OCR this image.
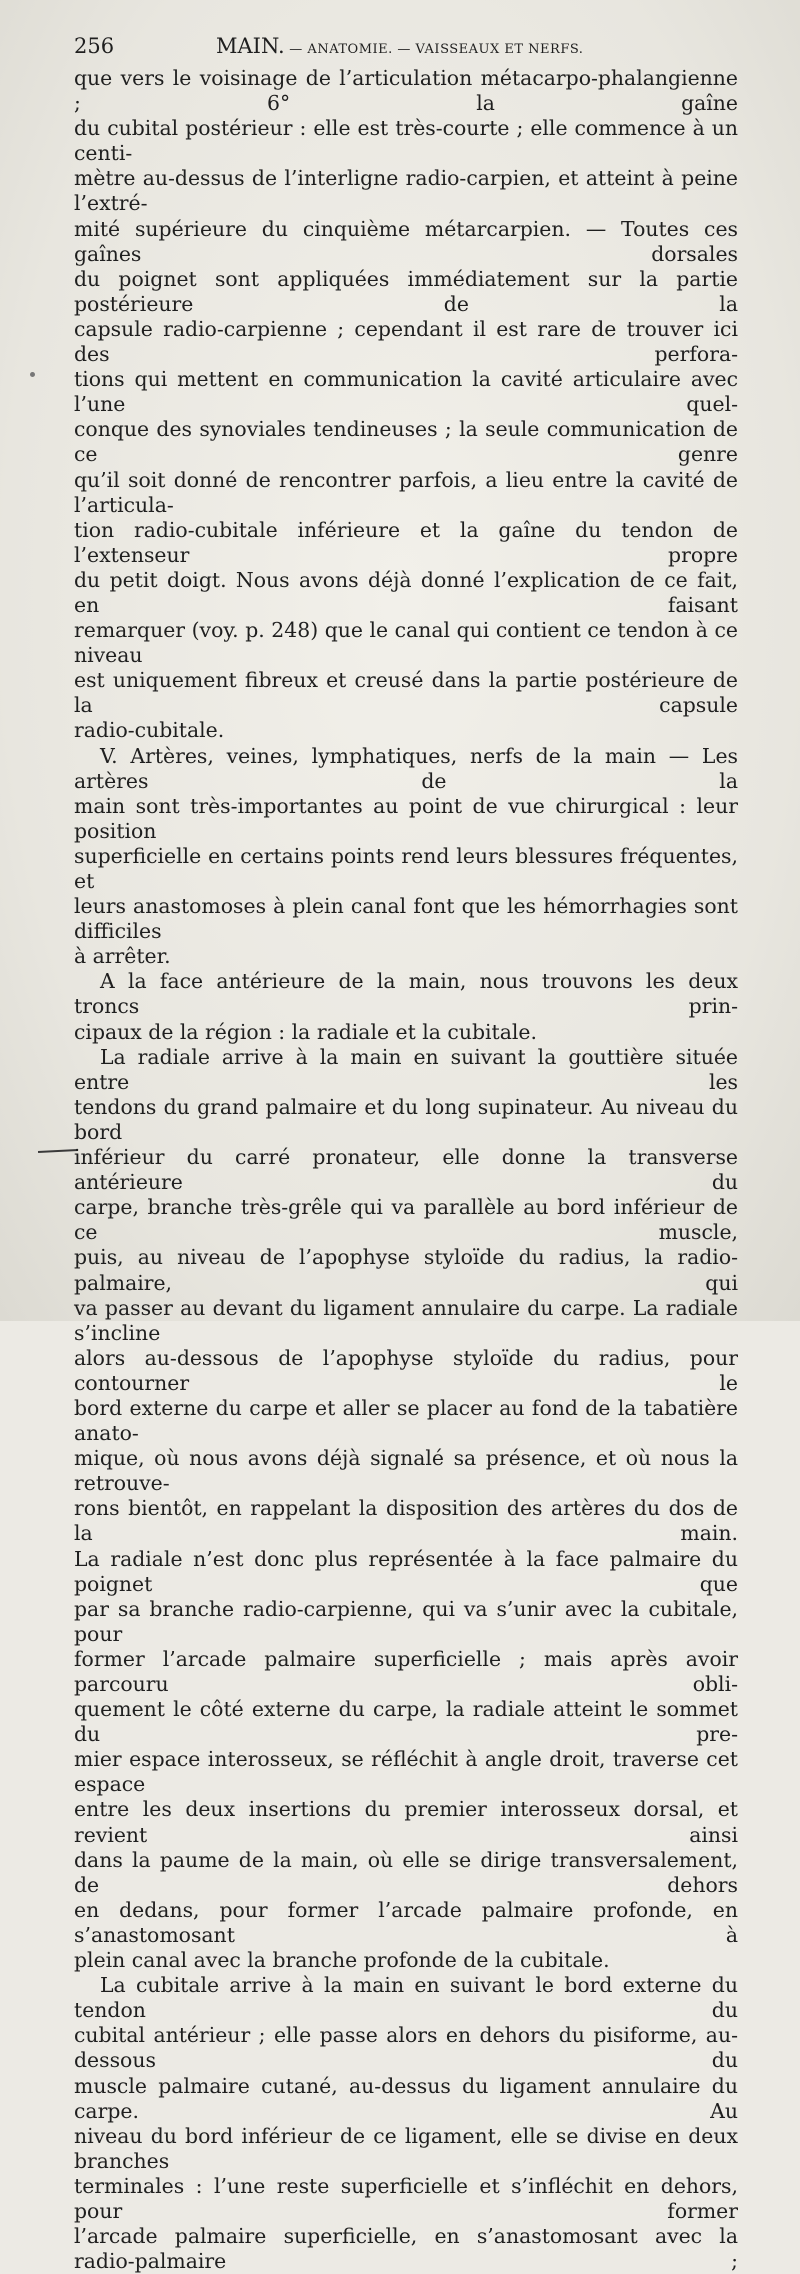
256	MAIN. — ANATOMIE. — VAISSEAUX ET NERFS.

que vers le voisinage de l’articulation métacarpo-phalangienne ; 6° la gaîne

du cubital postérieur : elle est très-courte ; elle commence à un centi-

mètre au-dessus de l’interligne radio-carpien, et atteint à peine l’extré-

mité supérieure du cinquième métarcarpien. — Toutes ces gaînes dorsales

du poignet sont appliquées immédiatement sur la partie postérieure de la

capsule radio-carpienne ; cependant il est rare de trouver ici des perfora-

tions qui mettent en communication la cavité articulaire avec l’une quel-

conque des synoviales tendineuses ; la seule communication de ce genre

qu’il soit donné de rencontrer parfois, a lieu entre la cavité de l’articula-

tion radio-cubitale inférieure et la gaîne du tendon de l’extenseur propre

du petit doigt. Nous avons déjà donné l’explication de ce fait, en faisant

remarquer (voy. p. 248) que le canal qui contient ce tendon à ce niveau

est uniquement fibreux et creusé dans la partie postérieure de la capsule

radio-cubitale.

V. Artères, veines, lymphatiques, nerfs de la main — Les artères de la

main sont très-importantes au point de vue chirurgical : leur position

superficielle en certains points rend leurs blessures fréquentes, et

leurs anastomoses à plein canal font que les hémorrhagies sont difficiles

à arrêter.

A la face antérieure de la main, nous trouvons les deux troncs prin-

cipaux de la région : la radiale et la cubitale.

La radiale arrive à la main en suivant la gouttière située entre les

tendons du grand palmaire et du long supinateur. Au niveau du bord

inférieur du carré pronateur, elle donne la transverse antérieure du

carpe, branche très-grêle qui va parallèle au bord inférieur de ce muscle,

puis, au niveau de l’apophyse styloïde du radius, la radio-palmaire, qui

va passer au devant du ligament annulaire du carpe. La radiale s’incline

alors au-dessous de l’apophyse styloïde du radius, pour contourner le

bord externe du carpe et aller se placer au fond de la tabatière anato-

mique, où nous avons déjà signalé sa présence, et où nous la retrouve-

rons bientôt, en rappelant la disposition des artères du dos de la main.

La radiale n’est donc plus représentée à la face palmaire du poignet que

par sa branche radio-carpienne, qui va s’unir avec la cubitale, pour

former l’arcade palmaire superficielle ; mais après avoir parcouru obli-

quement le côté externe du carpe, la radiale atteint le sommet du pre-

mier espace interosseux, se réfléchit à angle droit, traverse cet espace

entre les deux insertions du premier interosseux dorsal, et revient ainsi

dans la paume de la main, où elle se dirige transversalement, de dehors

en dedans, pour former l’arcade palmaire profonde, en s’anastomosant à

plein canal avec la branche profonde de la cubitale.

La cubitale arrive à la main en suivant le bord externe du tendon du

cubital antérieur ; elle passe alors en dehors du pisiforme, au-dessous du

muscle palmaire cutané, au-dessus du ligament annulaire du carpe. Au

niveau du bord inférieur de ce ligament, elle se divise en deux branches

terminales : l’une reste superficielle et s’infléchit en dehors, pour former

l’arcade palmaire superficielle, en s’anastomosant avec la radio-palmaire ;
